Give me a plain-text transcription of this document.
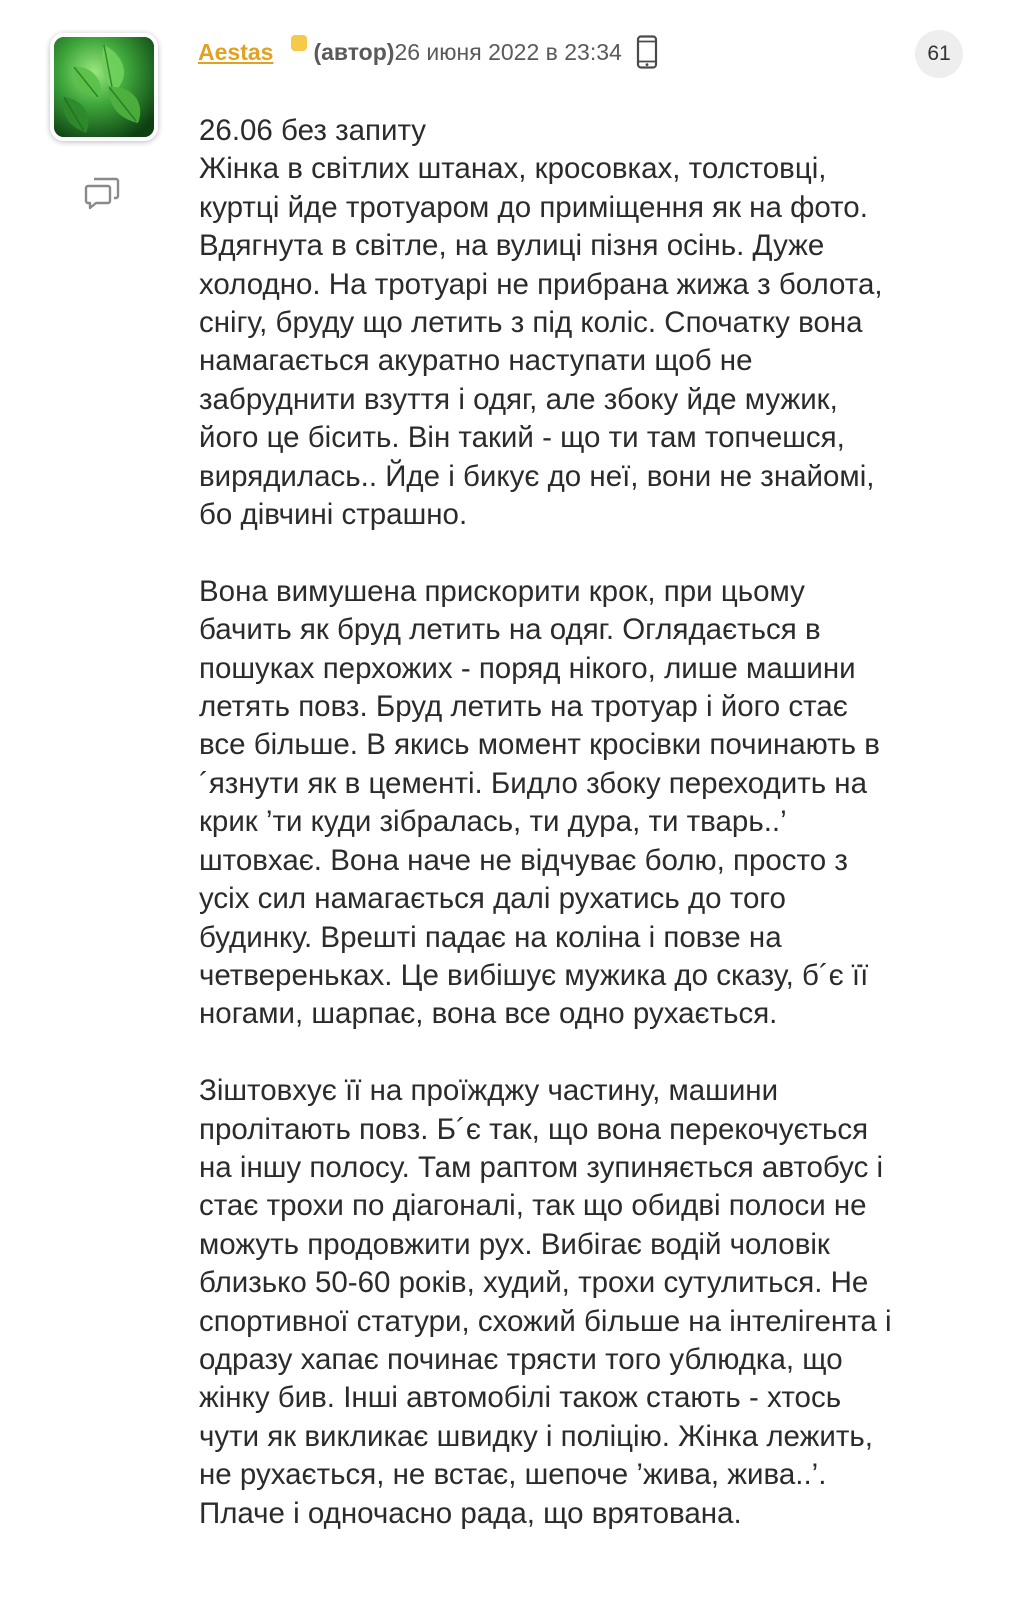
Aestas (автор) 26 июня 2022 в 23:34	61
26.06 без запиту
Жінка в світлих штанах, кросовках, толстовці,
куртці йде тротуаром до приміщення як на фото.
Вдягнута в світле, на вулиці пізня осінь. Дуже
холодно. На тротуарі не прибрана жижа з болота,
снігу, бруду що летить з під коліс. Спочатку вона
намагається акуратно наступати щоб не
забруднити взуття і одяг, але збоку йде мужик,
його це бісить. Він такий - що ти там топчешся,
вирядилась.. Йде і бикує до неї, вони не знайомі,
бо дівчині страшно.
Вона вимушена прискорити крок, при цьому
бачить як бруд летить на одяг. Оглядається в
пошуках перхожих - поряд нікого, лише машини
летять повз. Бруд летить на тротуар і його стає
все більше. В якись момент кросівки починають в
´язнути як в цементі. Бидло збоку переходить на
крик ’ти куди зібралась, ти дура, ти тварь..’
штовхає. Вона наче не відчуває болю, просто з
усіх сил намагається далі рухатись до того
будинку. Врешті падає на коліна і повзе на
четвереньках. Це вибішує мужика до сказу, б´є її
ногами, шарпає, вона все одно рухається.
Зіштовхує її на проїжджу частину, машини
пролітають повз. Б´є так, що вона перекочується
на іншу полосу. Там раптом зупиняється автобус і
стає трохи по діагоналі, так що обидві полоси не
можуть продовжити рух. Вибігає водій чоловік
близько 50-60 років, худий, трохи сутулиться. Не
спортивної статури, схожий більше на інтелігента і
одразу хапає починає трясти того ублюдка, що
жінку бив. Інші автомобілі також стають - хтось
чути як викликає швидку і поліцію. Жінка лежить,
не рухається, не встає, шепоче ’жива, жива..’.
Плаче і одночасно рада, що врятована.
